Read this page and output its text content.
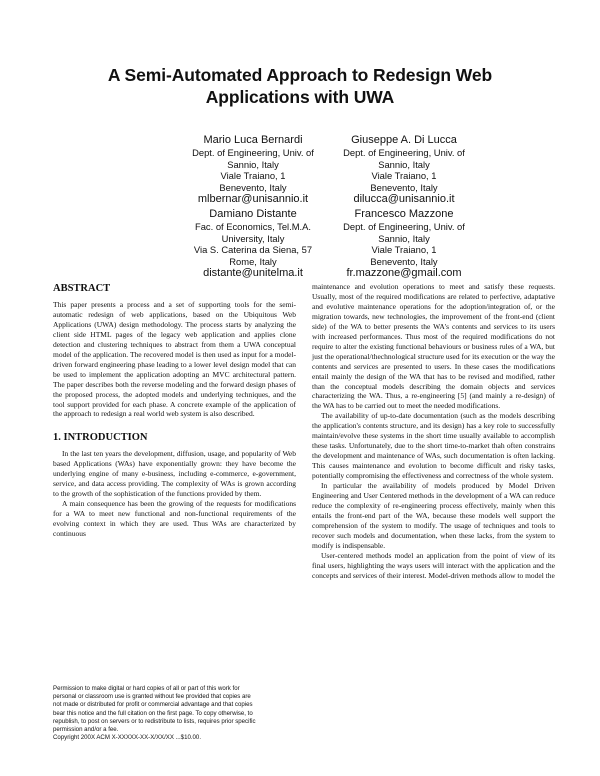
A Semi-Automated Approach to Redesign Web
Applications with UWA
Mario Luca Bernardi
Dept. of Engineering, Univ. of
Sannio, Italy
Viale Traiano, 1
Benevento, Italy
mlbernar@unisannio.it
Giuseppe A. Di Lucca
Dept. of Engineering, Univ. of
Sannio, Italy
Viale Traiano, 1
Benevento, Italy
dilucca@unisannio.it
Damiano Distante
Fac. of Economics, Tel.M.A.
University, Italy
Via S. Caterina da Siena, 57
Rome, Italy
distante@unitelma.it
Francesco Mazzone
Dept. of Engineering, Univ. of
Sannio, Italy
Viale Traiano, 1
Benevento, Italy
fr.mazzone@gmail.com
ABSTRACT

This paper presents a process and a set of supporting tools for the semi-automatic redesign of web applications, based on the Ubiquitous Web Applications (UWA) design methodology. The process starts by analyzing the client side HTML pages of the legacy web application and applies clone detection and clustering techniques to abstract from them a UWA conceptual model of the application. The recovered model is then used as input for a model-driven forward engineering phase leading to a lower level design model that can be used to implement the application adopting an MVC architectural pattern. The paper describes both the reverse modeling and the forward design phases of the proposed process, the adopted models and underlying techniques, and the tool support provided for each phase. A concrete example of the application of the approach to redesign a real world web system is also described.

1. INTRODUCTION

In the last ten years the development, diffusion, usage, and popularity of Web based Applications (WAs) have exponentially grown: they have become the underlying engine of many e-business, including e-commerce, e-government, service, and data access providing. The complexity of WAs is grown according to the growth of the sophistication of the functions provided by them.

A main consequence has been the growing of the requests for modifications for a WA to meet new functional and non-functional requirements of the evolving context in which they are used. Thus WAs are characterized by continuous

maintenance and evolution operations to meet and satisfy these requests. Usually, most of the required modifications are related to perfective, adaptative and evolutive maintenance operations for the adoption/integration of, or the migration towards, new technologies, the improvement of the front-end (client side) of the WA to better presents the WA's contents and services to its users with increased performances. Thus most of the required modifications do not require to alter the existing functional behaviours or business rules of a WA, but just the operational/thechnological structure used for its execution or the way the contents and services are presented to users. In these cases the modifications entail mainly the design of the WA that has to be revised and modified, rather than the conceptual models describing the domain objects and services characterizing the WA. Thus, a re-engineering [5] (and mainly a re-design) of the WA has to be carried out to meet the needed modifications.

The availability of up-to-date documentation (such as the models describing the application's contents structure, and its design) has a key role to successfully maintain/evolve these systems in the short time usually available to accomplish these tasks. Unfortunately, due to the short time-to-market thah often constrains the development and maintenance of WAs, such documentation is often lacking. This causes maintenance and evolution to become difficult and risky tasks, potentially compromising the effectiveness and correctness of the whole system.

In particular the availability of models produced by Model Driven Engineering and User Centered methods in the development of a WA can reduce reduce the complexity of re-engineering process effectively, mainly when this entails the front-end part of the WA, because these models well support the comprehension of the system to modify. The usage of techniques and tools to recover such models and documentation, when these lacks, from the system to modify is indispensable.

User-centered methods model an application from the point of view of its final users, highlighting the ways users will interact with the application and the concepts and services of their interest. Model-driven methods allow to model the

Permission to make digital or hard copies of all or part of this work for
personal or classroom use is granted without fee provided that copies are
not made or distributed for profit or commercial advantage and that copies
bear this notice and the full citation on the first page. To copy otherwise, to
republish, to post on servers or to redistribute to lists, requires prior specific
permission and/or a fee.
Copyright 200X ACM X-XXXXX-XX-X/XX/XX ...$10.00.
